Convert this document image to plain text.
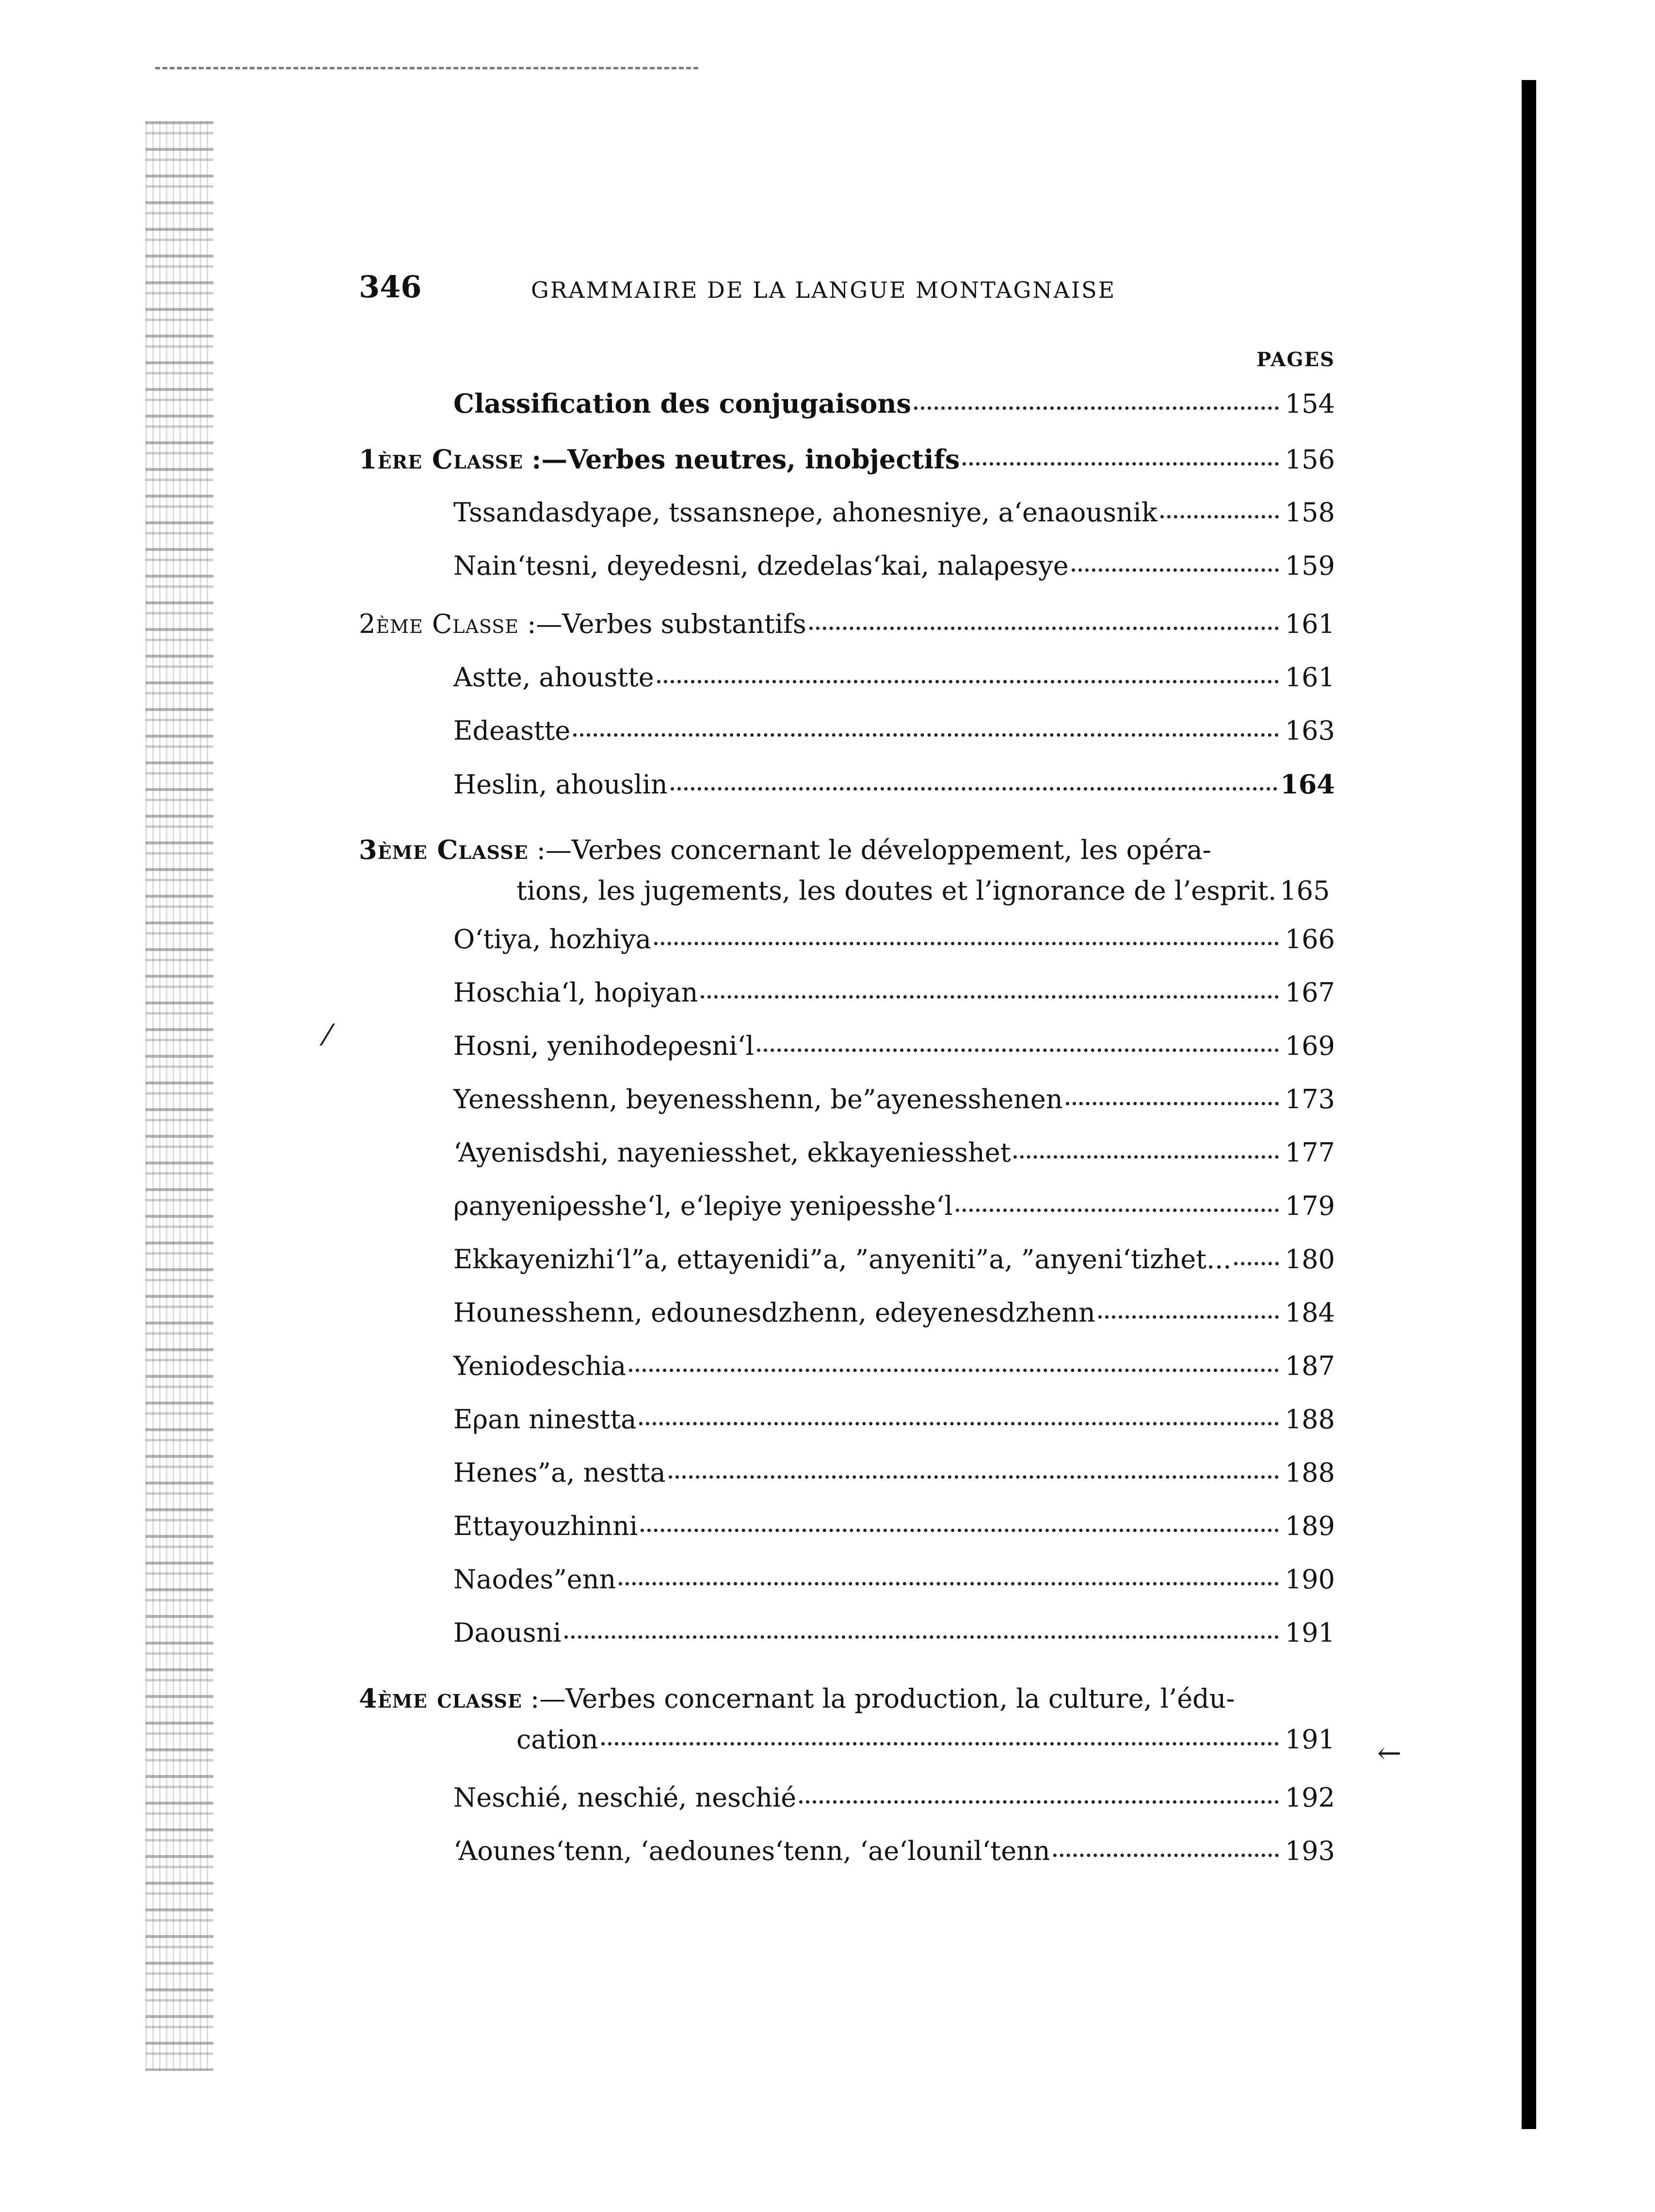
346	GRAMMAIRE DE LA LANGUE MONTAGNAISE
PAGES
Classification des conjugaisons	154
1ère Classe :—Verbes neutres, inobjectifs	156
Tssandasdyaρe, tssansneρe, ahonesniye, a‘enaousnik	158
Nain‘tesni, deyedesni, dzedelas‘kai, nalaρesye	159
2ème Classe :—Verbes substantifs	161
Astte, ahoustte	161
Edeastte	163
Heslin, ahouslin	164
3ème Classe :—Verbes concernant le développement, les opéra-
tions, les jugements, les doutes et l’ignorance de l’esprit. 165
O‘tiya, hozhiya	166
Hoschia‘l, hoρiyan	167
Hosni, yenihodeρesni‘l	169
Yenesshenn, beyenesshenn, be”ayenesshenen	173
‘Ayenisdshi, nayeniesshet, ekkayeniesshet	177
ρanyeniρesshe‘l, e‘leρiye yeniρesshe‘l	179
Ekkayenizhi‘l”a, ettayenidi”a, ”anyeniti”a, ”anyeni‘tizhet... 180
Hounesshenn, edounesdzhenn, edeyenesdzhenn	184
Yeniodeschia	187
Eρan ninestta	188
Henes”a, nestta	188
Ettayouzhinni	189
Naodes”enn	190
Daousni	191
4ème classe :—Verbes concernant la production, la culture, l’édu-
cation	191
Neschié, neschié, neschié	192
‘Aounes‘tenn, ‘aedounes‘tenn, ‘ae‘lounil‘tenn	193
⁄
←
